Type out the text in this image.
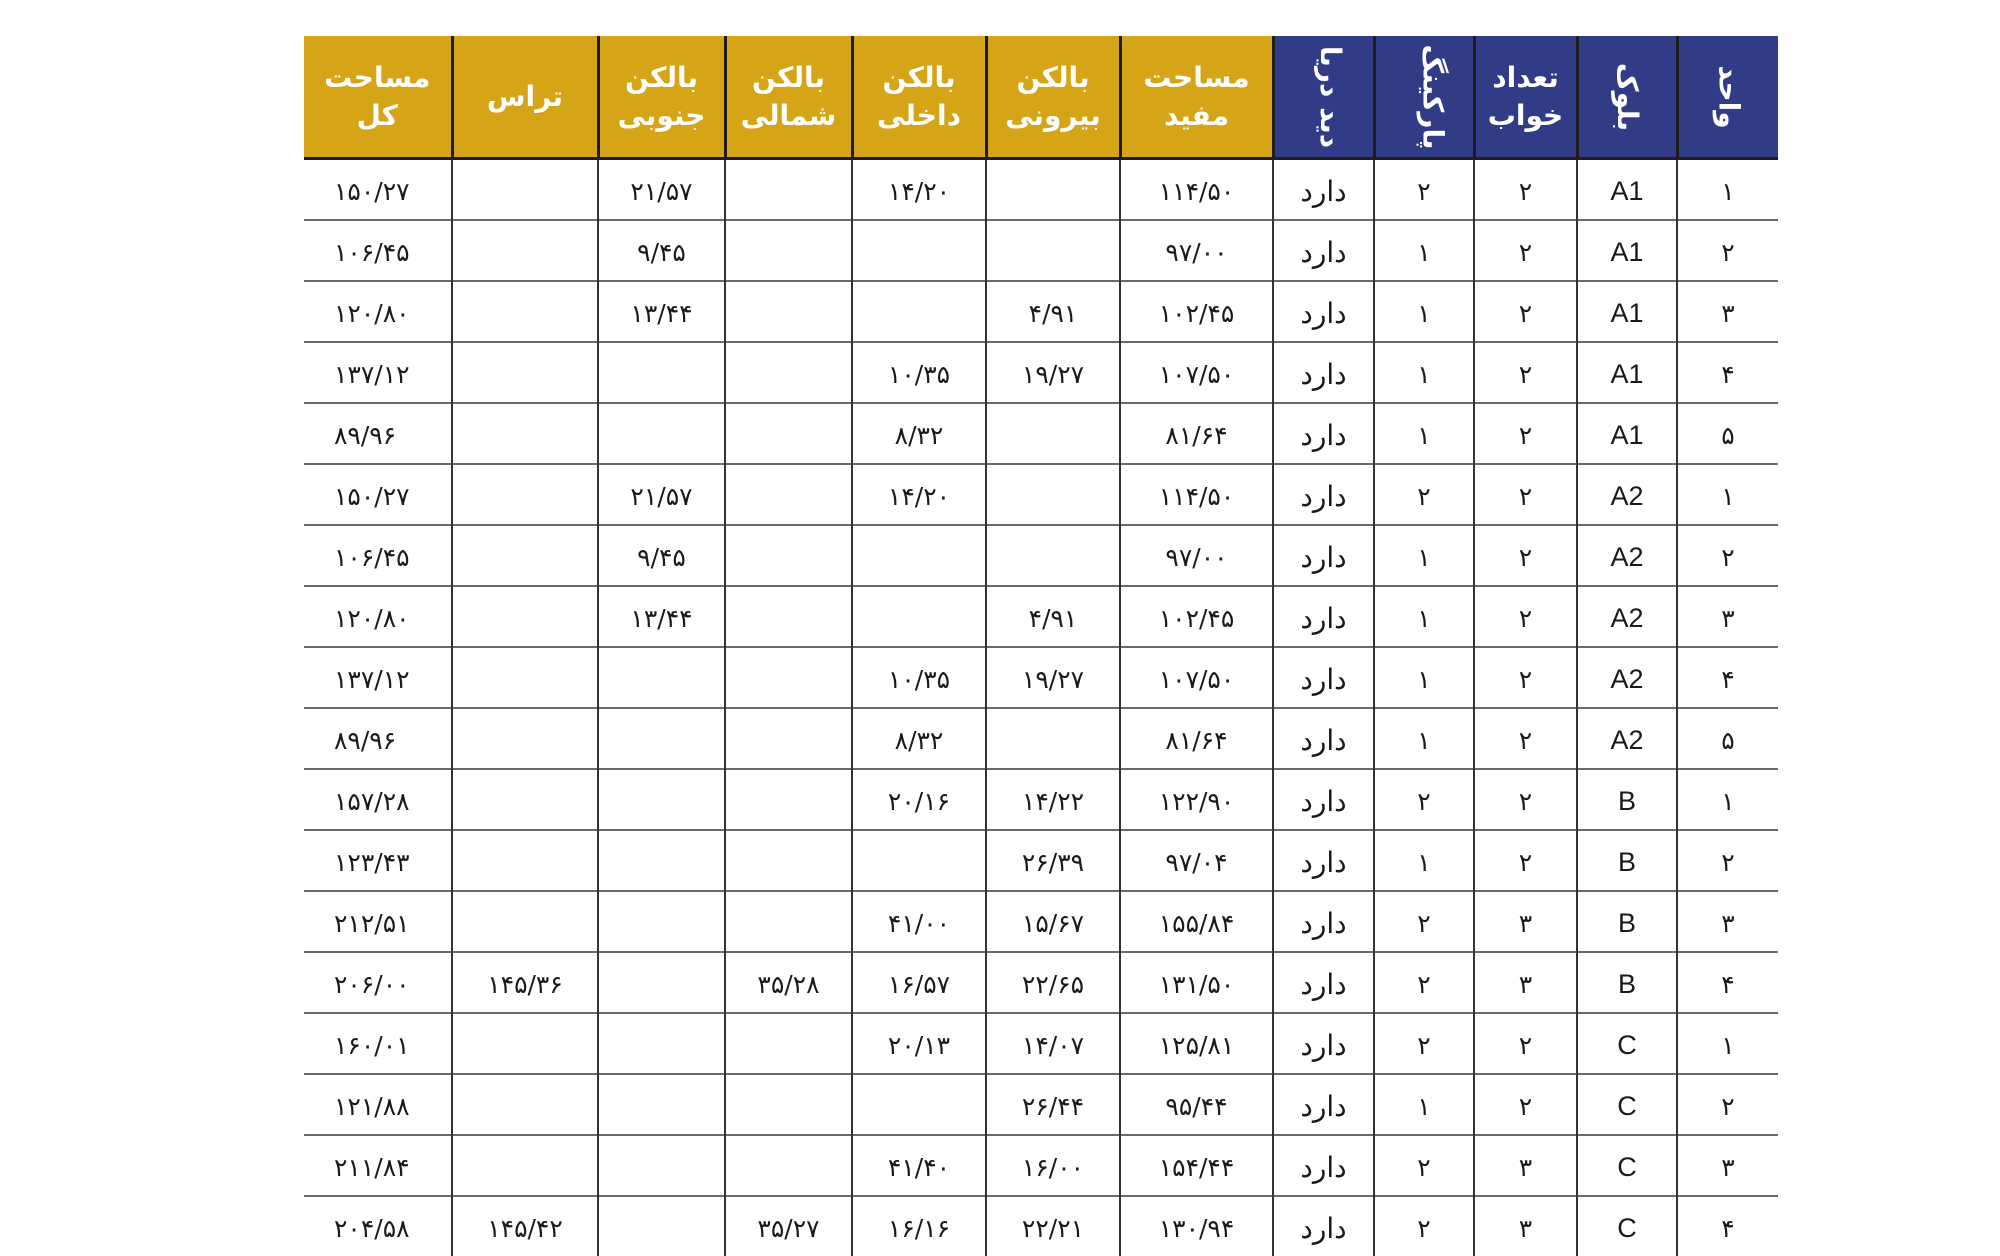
مساحت کل	تراس	بالکن جنوبی	بالکن شمالی	بالکن داخلی	بالکن بیرونی	مساحت مفید	دید دریا	پارکینگ	تعداد خواب	بلوک	واحد
۱۵۰/۲۷		۲۱/۵۷		۱۴/۲۰		۱۱۴/۵۰	دارد	۲	۲	A1	۱
۱۰۶/۴۵		۹/۴۵				۹۷/۰۰	دارد	۱	۲	A1	۲
۱۲۰/۸۰		۱۳/۴۴			۴/۹۱	۱۰۲/۴۵	دارد	۱	۲	A1	۳
۱۳۷/۱۲				۱۰/۳۵	۱۹/۲۷	۱۰۷/۵۰	دارد	۱	۲	A1	۴
۸۹/۹۶				۸/۳۲		۸۱/۶۴	دارد	۱	۲	A1	۵
۱۵۰/۲۷		۲۱/۵۷		۱۴/۲۰		۱۱۴/۵۰	دارد	۲	۲	A2	۱
۱۰۶/۴۵		۹/۴۵				۹۷/۰۰	دارد	۱	۲	A2	۲
۱۲۰/۸۰		۱۳/۴۴			۴/۹۱	۱۰۲/۴۵	دارد	۱	۲	A2	۳
۱۳۷/۱۲				۱۰/۳۵	۱۹/۲۷	۱۰۷/۵۰	دارد	۱	۲	A2	۴
۸۹/۹۶				۸/۳۲		۸۱/۶۴	دارد	۱	۲	A2	۵
۱۵۷/۲۸				۲۰/۱۶	۱۴/۲۲	۱۲۲/۹۰	دارد	۲	۲	B	۱
۱۲۳/۴۳					۲۶/۳۹	۹۷/۰۴	دارد	۱	۲	B	۲
۲۱۲/۵۱				۴۱/۰۰	۱۵/۶۷	۱۵۵/۸۴	دارد	۲	۳	B	۳
۲۰۶/۰۰	۱۴۵/۳۶		۳۵/۲۸	۱۶/۵۷	۲۲/۶۵	۱۳۱/۵۰	دارد	۲	۳	B	۴
۱۶۰/۰۱				۲۰/۱۳	۱۴/۰۷	۱۲۵/۸۱	دارد	۲	۲	C	۱
۱۲۱/۸۸					۲۶/۴۴	۹۵/۴۴	دارد	۱	۲	C	۲
۲۱۱/۸۴				۴۱/۴۰	۱۶/۰۰	۱۵۴/۴۴	دارد	۲	۳	C	۳
۲۰۴/۵۸	۱۴۵/۴۲		۳۵/۲۷	۱۶/۱۶	۲۲/۲۱	۱۳۰/۹۴	دارد	۲	۳	C	۴
